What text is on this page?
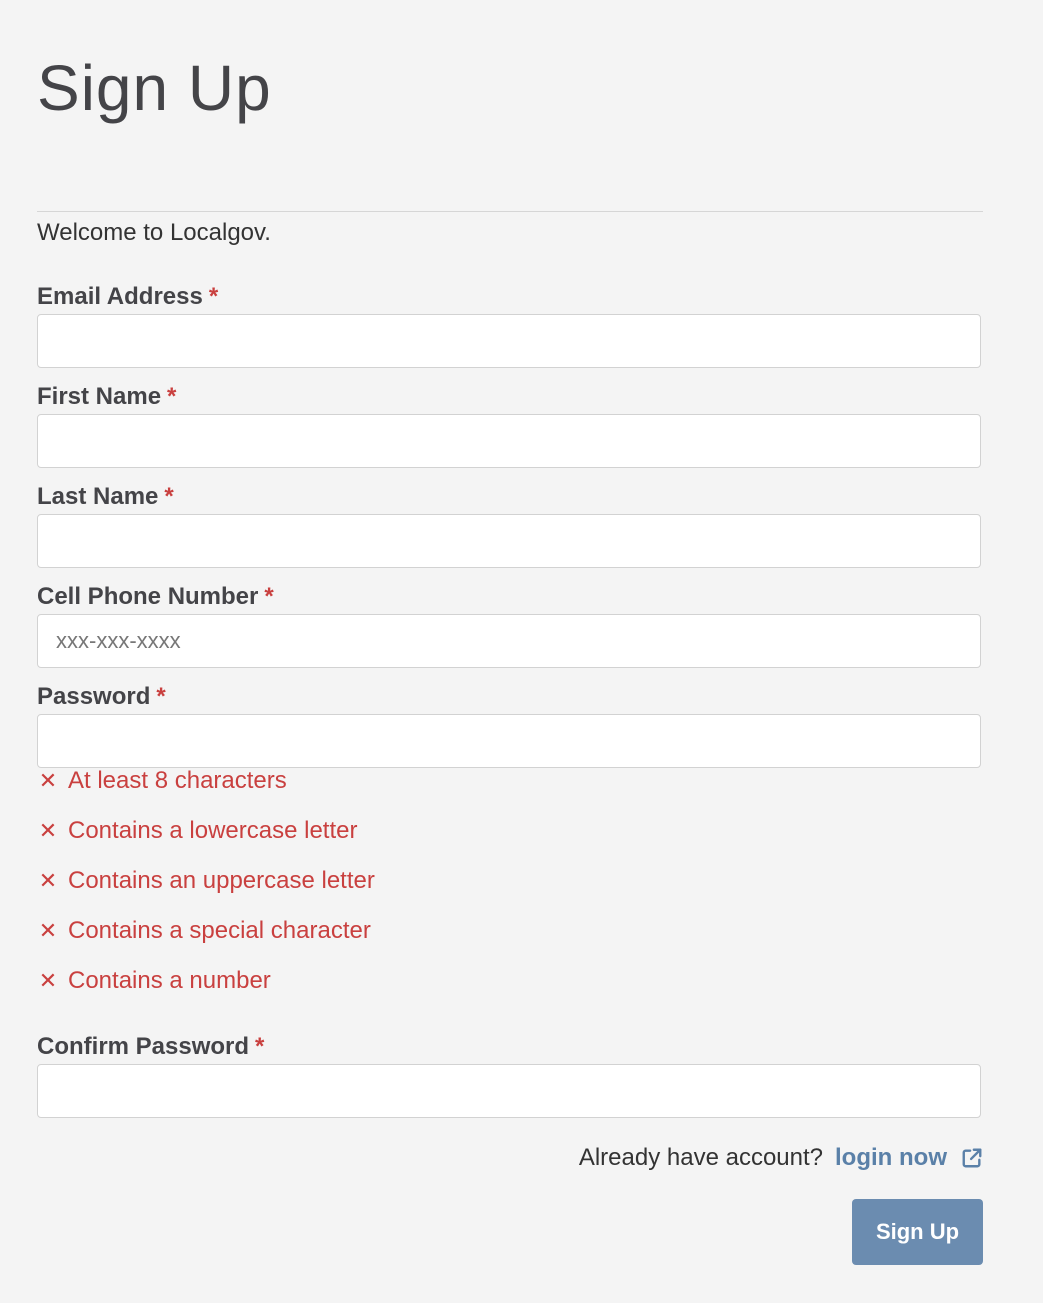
Sign Up
Welcome to Localgov.
Email Address *
First Name *
Last Name *
Cell Phone Number *
xxx-xxx-xxxx
Password *
✕ At least 8 characters
✕ Contains a lowercase letter
✕ Contains an uppercase letter
✕ Contains a special character
✕ Contains a number
Confirm Password *
Already have account? login now
Sign Up
